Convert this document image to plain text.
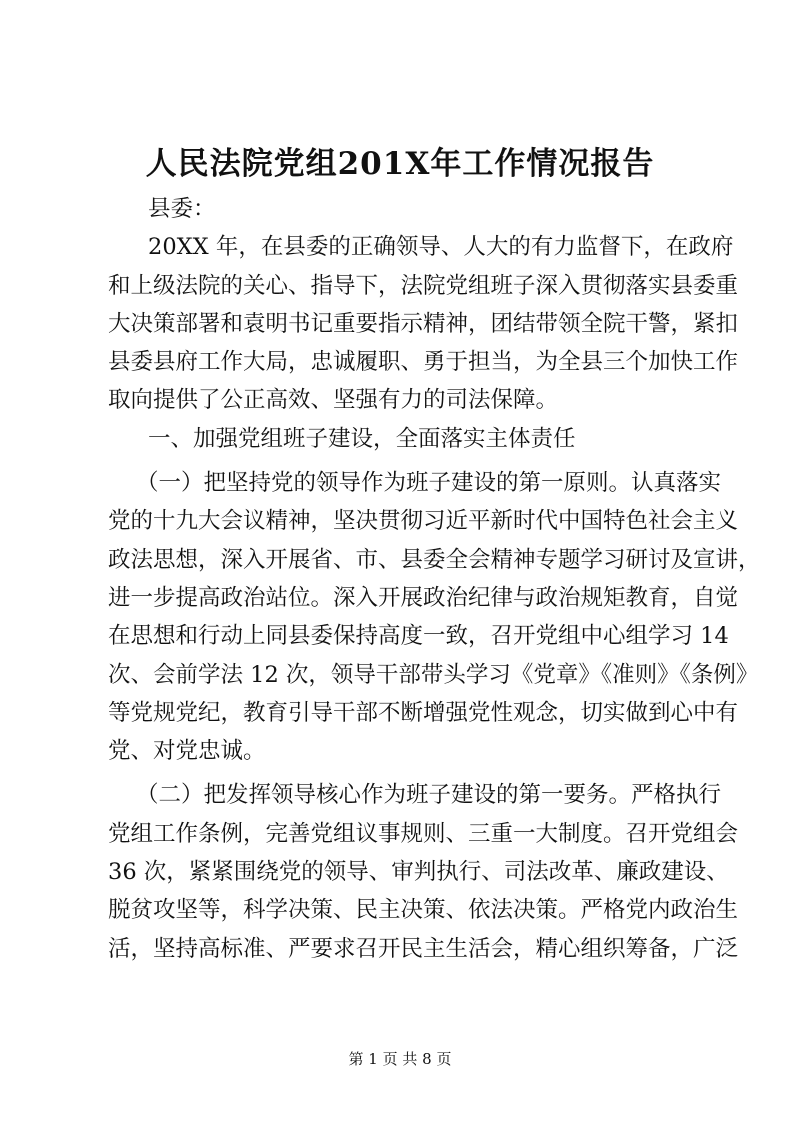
人民法院党组201X年工作情况报告
县委：
20XX 年，在县委的正确领导、人大的有力监督下，在政府
和上级法院的关心、指导下，法院党组班子深入贯彻落实县委重
大决策部署和袁明书记重要指示精神，团结带领全院干警，紧扣
县委县府工作大局，忠诚履职、勇于担当，为全县三个加快工作
取向提供了公正高效、坚强有力的司法保障。
一、加强党组班子建设，全面落实主体责任
（一）把坚持党的领导作为班子建设的第一原则。认真落实
党的十九大会议精神，坚决贯彻习近平新时代中国特色社会主义
政法思想，深入开展省、市、县委全会精神专题学习研讨及宣讲，
进一步提高政治站位。深入开展政治纪律与政治规矩教育，自觉
在思想和行动上同县委保持高度一致，召开党组中心组学习 14
次、会前学法 12 次，领导干部带头学习《党章》《准则》《条例》
等党规党纪，教育引导干部不断增强党性观念，切实做到心中有
党、对党忠诚。
（二）把发挥领导核心作为班子建设的第一要务。严格执行
党组工作条例，完善党组议事规则、三重一大制度。召开党组会
36 次，紧紧围绕党的领导、审判执行、司法改革、廉政建设、
脱贫攻坚等，科学决策、民主决策、依法决策。严格党内政治生
活，坚持高标准、严要求召开民主生活会，精心组织筹备，广泛
第 1 页 共 8 页
